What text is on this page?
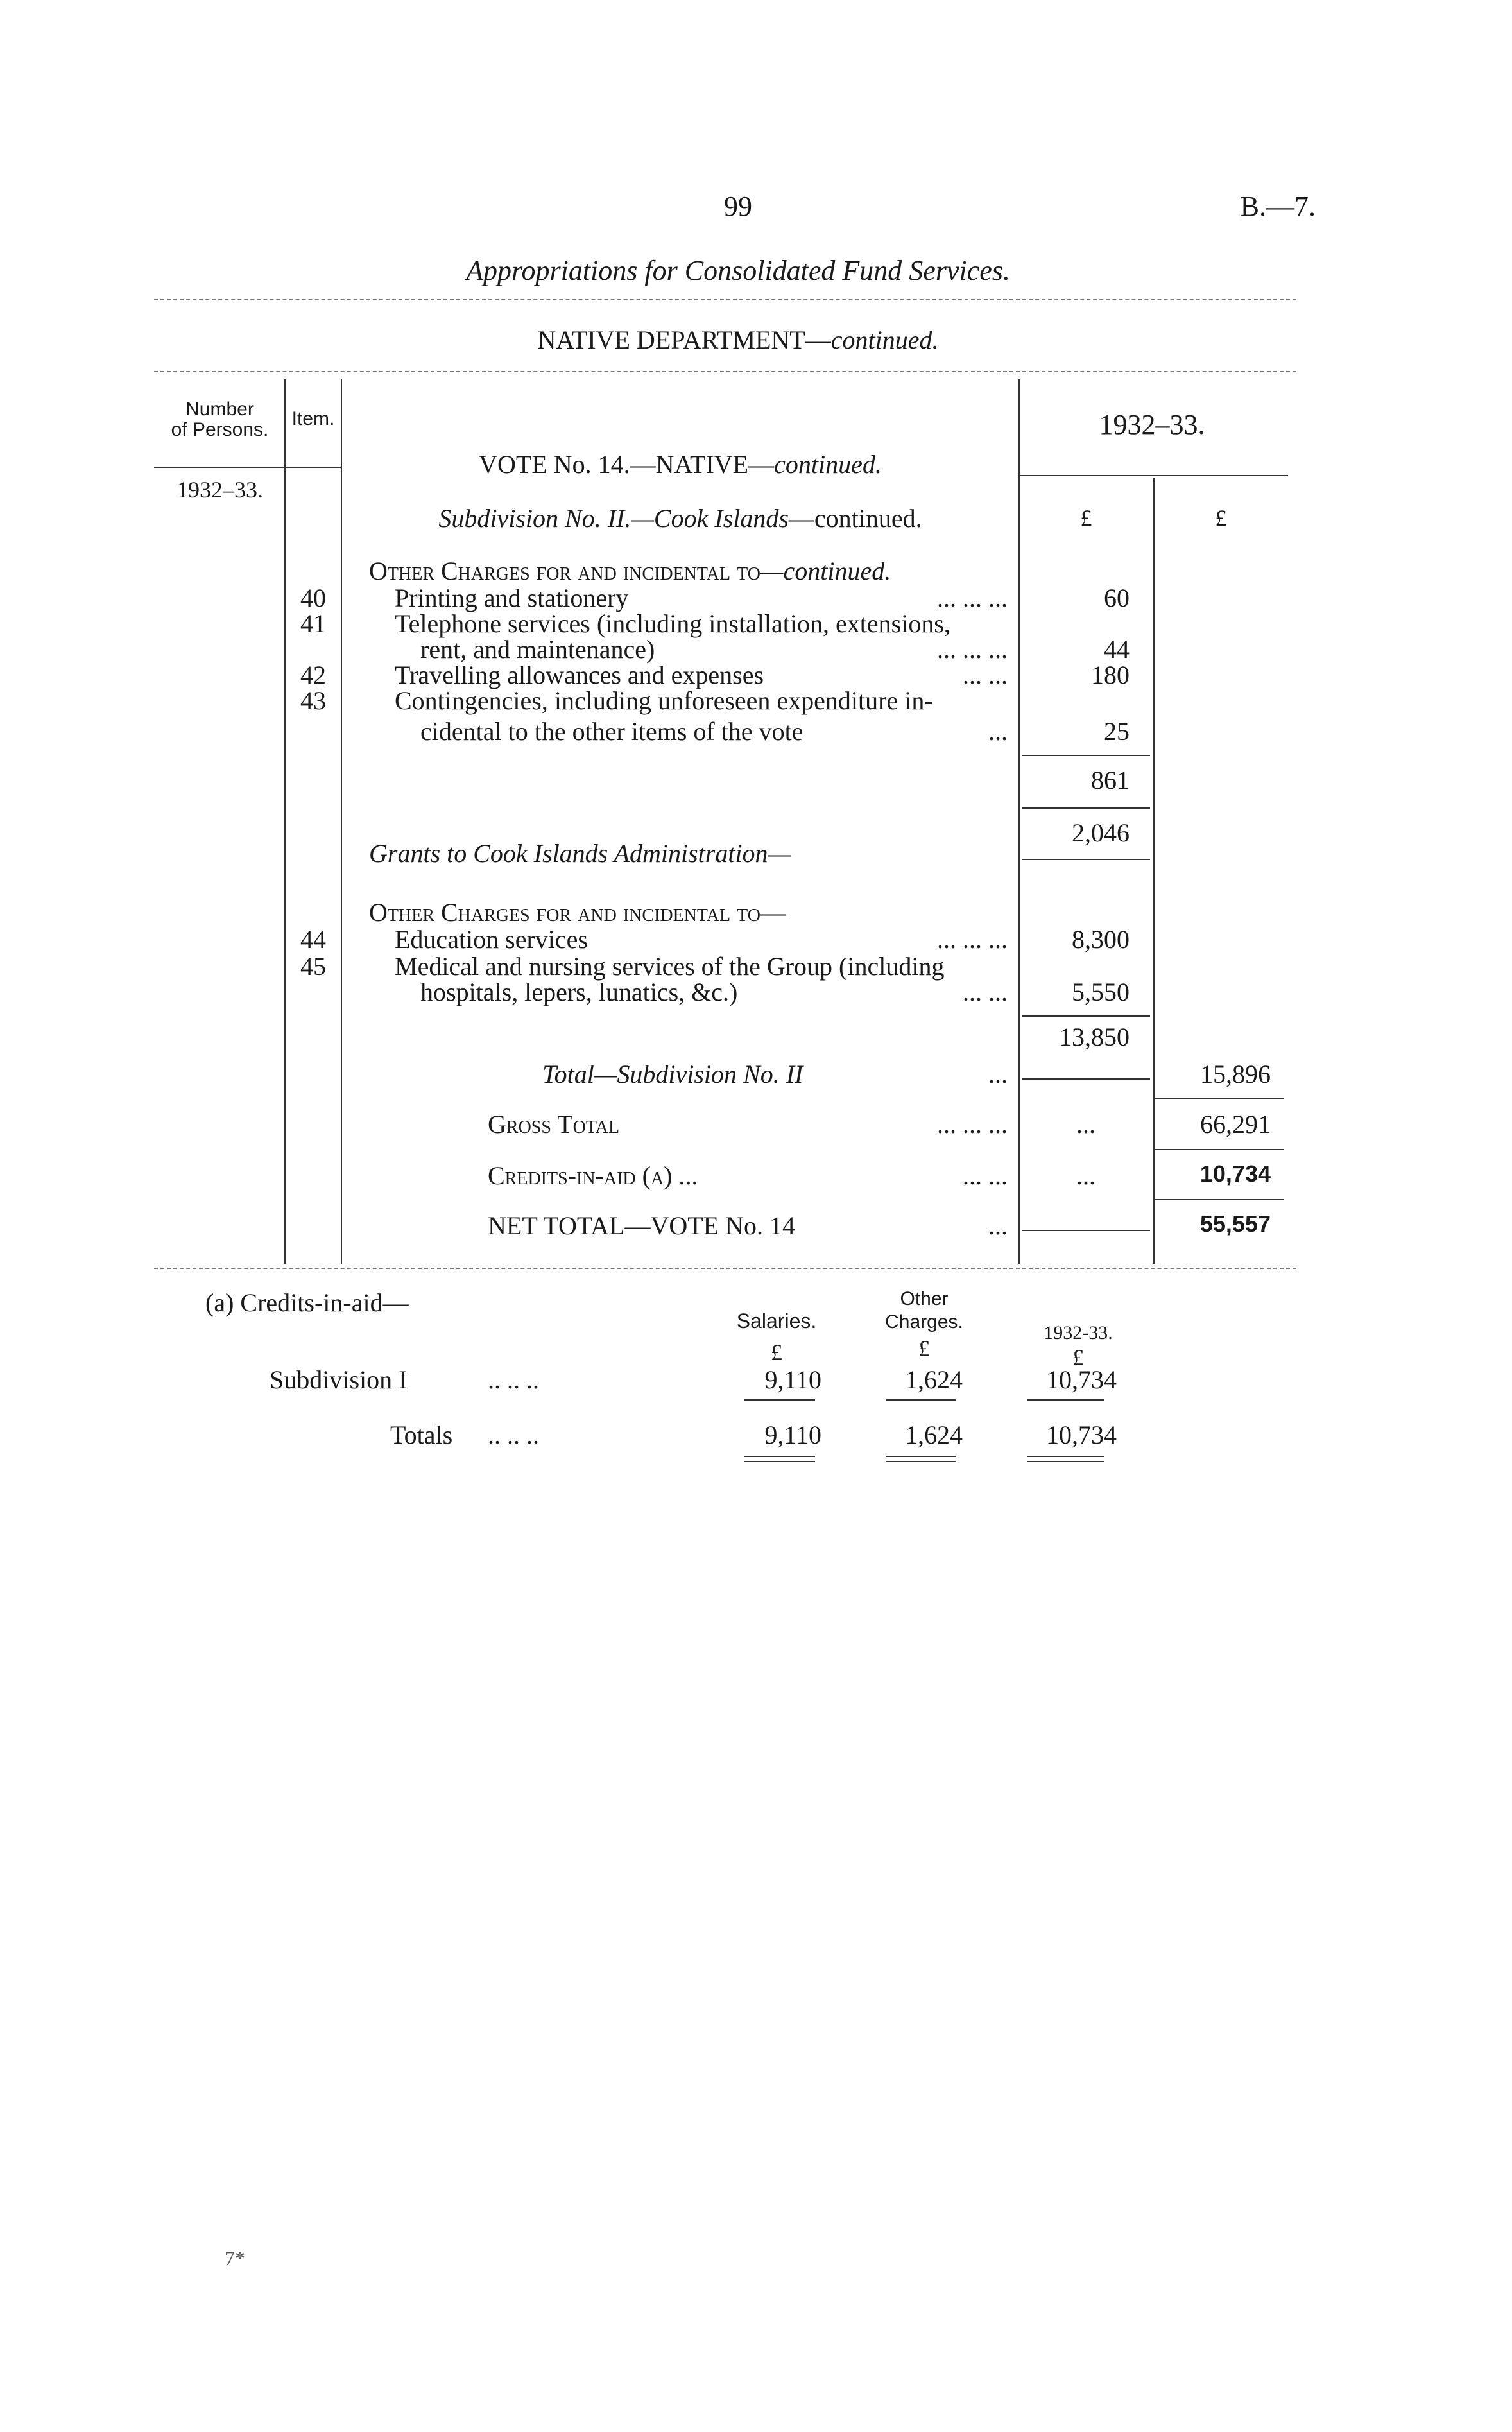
99	B.—7.
Appropriations for Consolidated Fund Services.
NATIVE DEPARTMENT—continued.
Number
of Persons.
Item.	1932–33.
1932–33.
£	£
VOTE No. 14.—NATIVE—continued.
Subdivision No. II.—Cook Islands—continued.
Other Charges for and incidental to—continued.
40	Printing and stationery	... ... ...	60
41	Telephone services (including installation, extensions,
rent, and maintenance)	... ... ...	44
42	Travelling allowances and expenses	... ...	180
43	Contingencies, including unforeseen expenditure in-
cidental to the other items of the vote	...	25
861
2,046
Grants to Cook Islands Administration—
Other Charges for and incidental to—
44	Education services	... ... ...	8,300
45	Medical and nursing services of the Group (including
hospitals, lepers, lunatics, &c.)	... ...	5,550
13,850
Total—Subdivision No. II	...	15,896
Gross Total	... ... ...	...	66,291
Credits-in-aid (a) ...	... ...	...	10,734
NET TOTAL—VOTE No. 14	...	55,557
(a) Credits-in-aid—
Salaries.
Other
Charges.
1932-33.
£	£	£
Subdivision I	.. .. ..	9,110	1,624	10,734
Totals .. .. ..	9,110	1,624	10,734
7*
